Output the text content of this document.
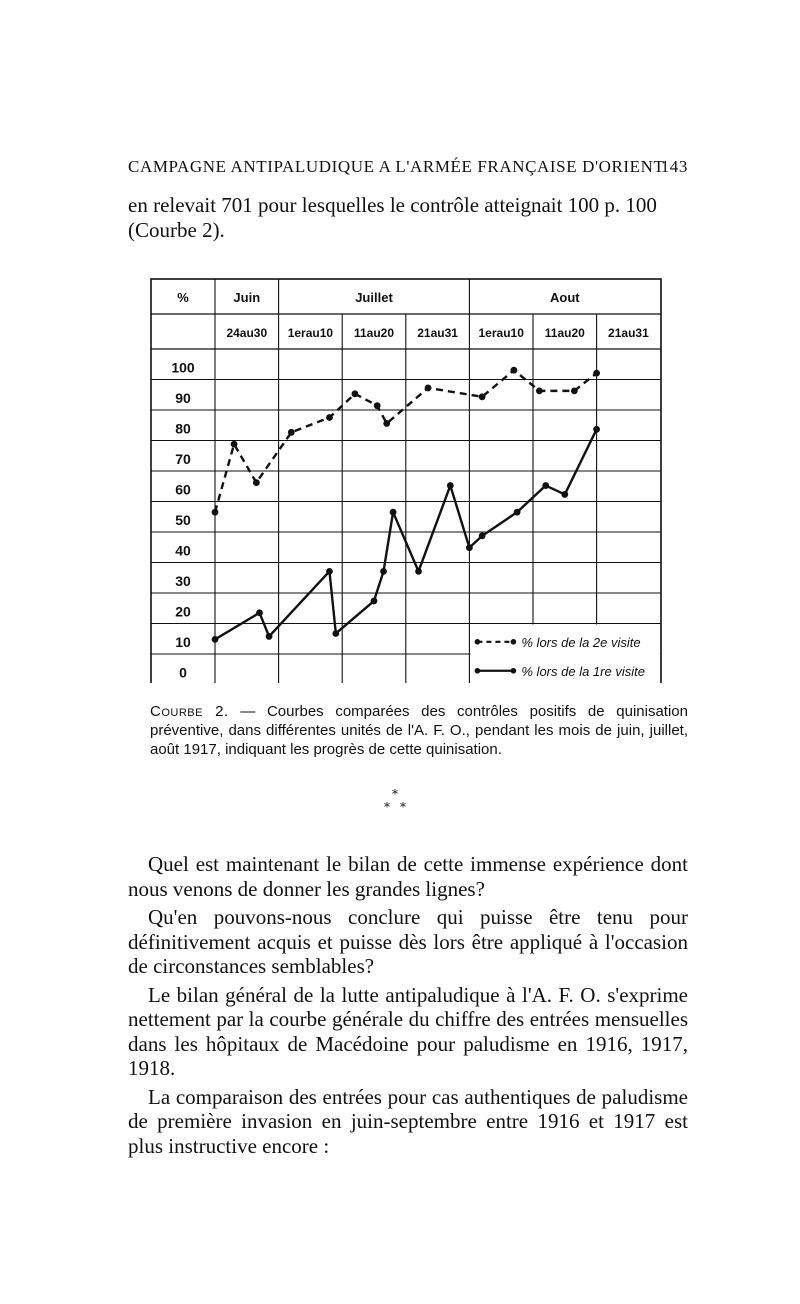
CAMPAGNE ANTIPALUDIQUE A L'ARMÉE FRANÇAISE D'ORIENT
143

en relevait 701 pour lesquelles le contrôle atteignait 100 p. 100
(Courbe 2).

%	Juin	Juillet	Aout
24au30 1erau10 11au20 21au31 1erau10 11au20 21au31
100
90
80
70
60
50
40
30
20
10
0
% lors de la 2e visite
% lors de la 1re visite
Courbe 2. — Courbes comparées des contrôles positifs de quinisation préventive, dans différentes unités de l'A. F. O., pendant les mois de juin, juillet, août 1917, indiquant les progrès de cette quinisation.
*
* *

Quel est maintenant le bilan de cette immense expérience dont nous venons de donner les grandes lignes?

Qu'en pouvons-nous conclure qui puisse être tenu pour définitivement acquis et puisse dès lors être appliqué à l'occasion de circonstances semblables?

Le bilan général de la lutte antipaludique à l'A. F. O. s'exprime nettement par la courbe générale du chiffre des entrées mensuelles dans les hôpitaux de Macédoine pour paludisme en 1916, 1917, 1918.

La comparaison des entrées pour cas authentiques de paludisme de première invasion en juin-septembre entre 1916 et 1917 est plus instructive encore :
